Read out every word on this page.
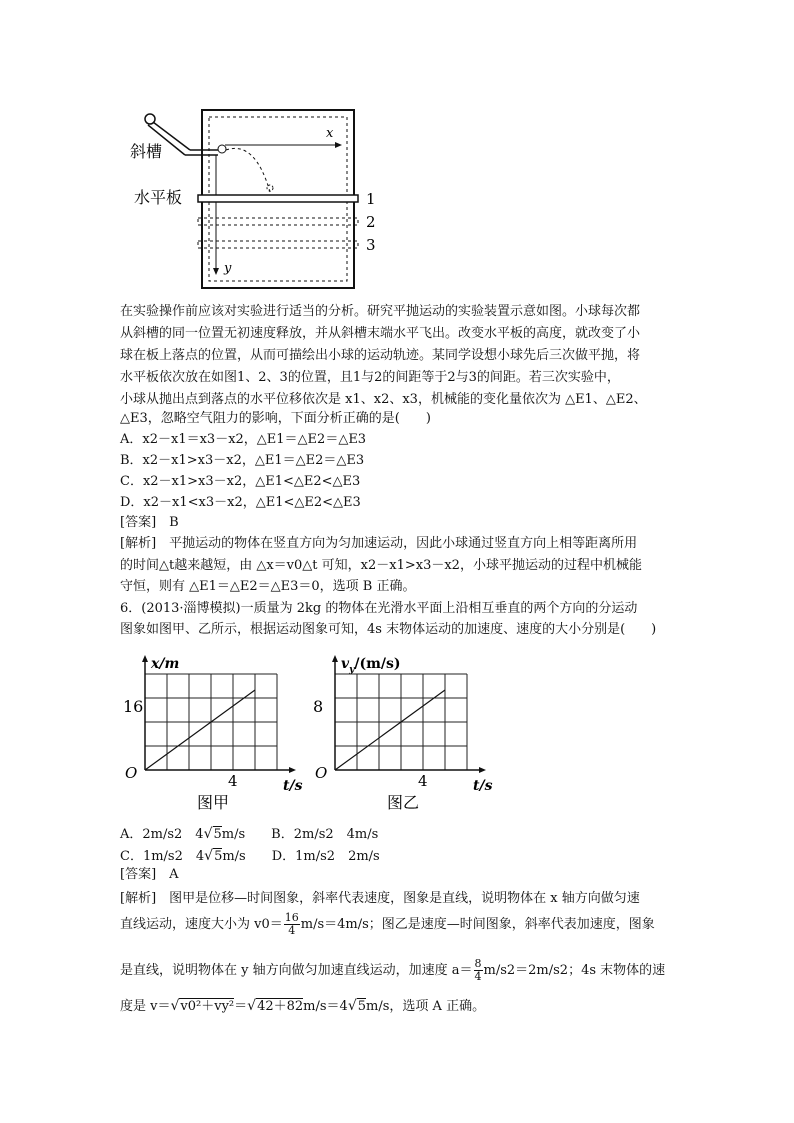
斜槽
水平板
x
y
1
2
3
在实验操作前应该对实验进行适当的分析。研究平抛运动的实验装置示意如图。小球每次都
从斜槽的同一位置无初速度释放，并从斜槽末端水平飞出。改变水平板的高度，就改变了小
球在板上落点的位置，从而可描绘出小球的运动轨迹。某同学设想小球先后三次做平抛，将
水平板依次放在如图1、2、3的位置，且1与2的间距等于2与3的间距。若三次实验中，
小球从抛出点到落点的水平位移依次是 x1、x2、x3，机械能的变化量依次为 △E1、△E2、
△E3，忽略空气阻力的影响，下面分析正确的是(　　)
A．x2－x1＝x3－x2，△E1＝△E2＝△E3
B．x2－x1>x3－x2，△E1＝△E2＝△E3
C．x2－x1>x3－x2，△E1<△E2<△E3
D．x2－x1<x3－x2，△E1<△E2<△E3
[答案]　B
[解析]　平抛运动的物体在竖直方向为匀加速运动，因此小球通过竖直方向上相等距离所用
的时间△t越来越短，由 △x＝v0△t 可知，x2－x1>x3－x2，小球平抛运动的过程中机械能
守恒，则有 △E1＝△E2＝△E3＝0，选项 B 正确。
6．(2013·淄博模拟)一质量为 2kg 的物体在光滑水平面上沿相互垂直的两个方向的分运动
图象如图甲、乙所示，根据运动图象可知，4s 末物体运动的加速度、速度的大小分别是(　　)
16
4
O
t/s
x/m
图甲
8
4
O
t/s
$v_y/(m/s)$
图乙
A．2m/s2　4√5m/s　　B．2m/s2　4m/s
C．1m/s2　4√5m/s　　D．1m/s2　2m/s
[答案]　A
[解析]　图甲是位移—时间图象，斜率代表速度，图象是直线，说明物体在 x 轴方向做匀速
直线运动，速度大小为 $v0= \frac{16}{4} m/s=4m/s$；图乙是速度—时间图象，斜率代表加速度，图象
是直线，说明物体在 y 轴方向做匀加速直线运动，加速度 $a= \frac{8}{4} m/s2=2m/s2$；4s 末物体的速
度是 v＝√v0²＋vy²＝√42＋82m/s＝4√5m/s，选项 A 正确。
